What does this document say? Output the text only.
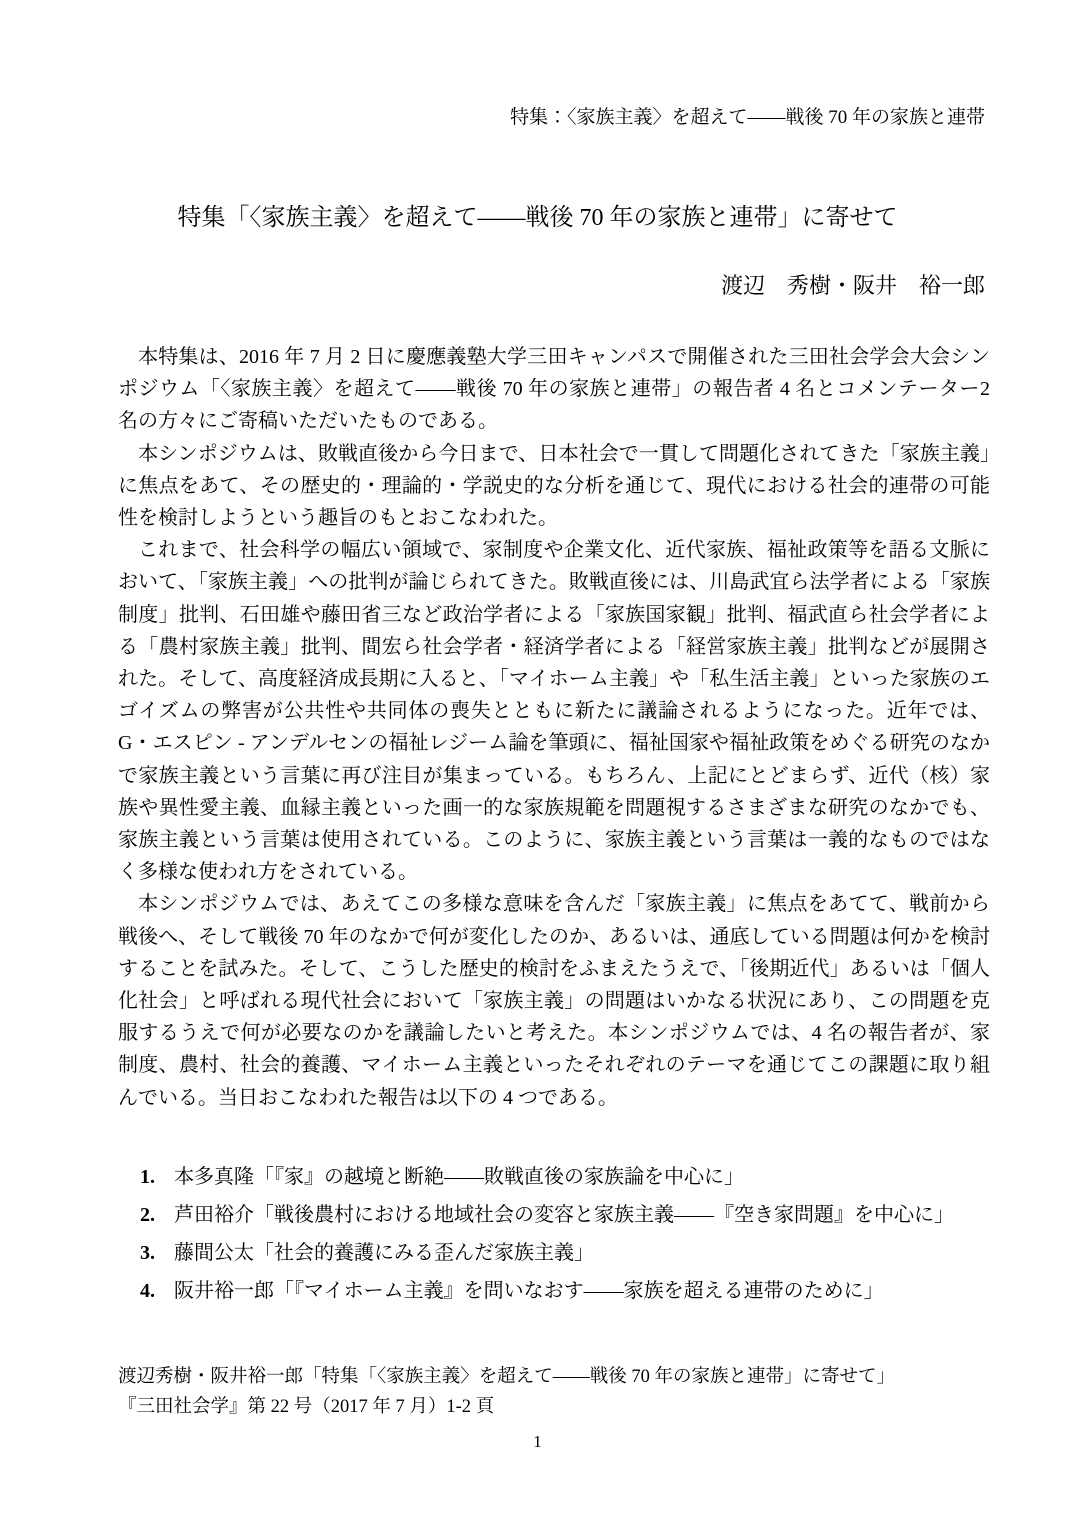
特集：〈家族主義〉を超えて——戦後 70 年の家族と連帯
特集「〈家族主義〉を超えて——戦後 70 年の家族と連帯」に寄せて
渡辺　秀樹・阪井　裕一郎

本特集は、2016 年 7 月 2 日に慶應義塾大学三田キャンパスで開催された三田社会学会大会シンポジウム「〈家族主義〉を超えて——戦後 70 年の家族と連帯」の報告者 4 名とコメンテーター2 名の方々にご寄稿いただいたものである。

本シンポジウムは、敗戦直後から今日まで、日本社会で一貫して問題化されてきた「家族主義」に焦点をあて、その歴史的・理論的・学説史的な分析を通じて、現代における社会的連帯の可能性を検討しようという趣旨のもとおこなわれた。

これまで、社会科学の幅広い領域で、家制度や企業文化、近代家族、福祉政策等を語る文脈において、「家族主義」への批判が論じられてきた。敗戦直後には、川島武宜ら法学者による「家族制度」批判、石田雄や藤田省三など政治学者による「家族国家観」批判、福武直ら社会学者による「農村家族主義」批判、間宏ら社会学者・経済学者による「経営家族主義」批判などが展開された。そして、高度経済成長期に入ると、「マイホーム主義」や「私生活主義」といった家族のエゴイズムの弊害が公共性や共同体の喪失とともに新たに議論されるようになった。近年では、G・エスピン - アンデルセンの福祉レジーム論を筆頭に、福祉国家や福祉政策をめぐる研究のなかで家族主義という言葉に再び注目が集まっている。もちろん、上記にとどまらず、近代（核）家族や異性愛主義、血縁主義といった画一的な家族規範を問題視するさまざまな研究のなかでも、家族主義という言葉は使用されている。このように、家族主義という言葉は一義的なものではなく多様な使われ方をされている。

本シンポジウムでは、あえてこの多様な意味を含んだ「家族主義」に焦点をあてて、戦前から戦後へ、そして戦後 70 年のなかで何が変化したのか、あるいは、通底している問題は何かを検討することを試みた。そして、こうした歴史的検討をふまえたうえで、「後期近代」あるいは「個人化社会」と呼ばれる現代社会において「家族主義」の問題はいかなる状況にあり、この問題を克服するうえで何が必要なのかを議論したいと考えた。本シンポジウムでは、4 名の報告者が、家制度、農村、社会的養護、マイホーム主義といったそれぞれのテーマを通じてこの課題に取り組んでいる。当日おこなわれた報告は以下の 4 つである。

1. 本多真隆「『家』の越境と断絶——敗戦直後の家族論を中心に」
2. 芦田裕介「戦後農村における地域社会の変容と家族主義——『空き家問題』を中心に」
3. 藤間公太「社会的養護にみる歪んだ家族主義」
4. 阪井裕一郎「『マイホーム主義』を問いなおす——家族を超える連帯のために」
渡辺秀樹・阪井裕一郎「特集「〈家族主義〉を超えて——戦後 70 年の家族と連帯」に寄せて」
『三田社会学』第 22 号（2017 年 7 月）1-2 頁
1
